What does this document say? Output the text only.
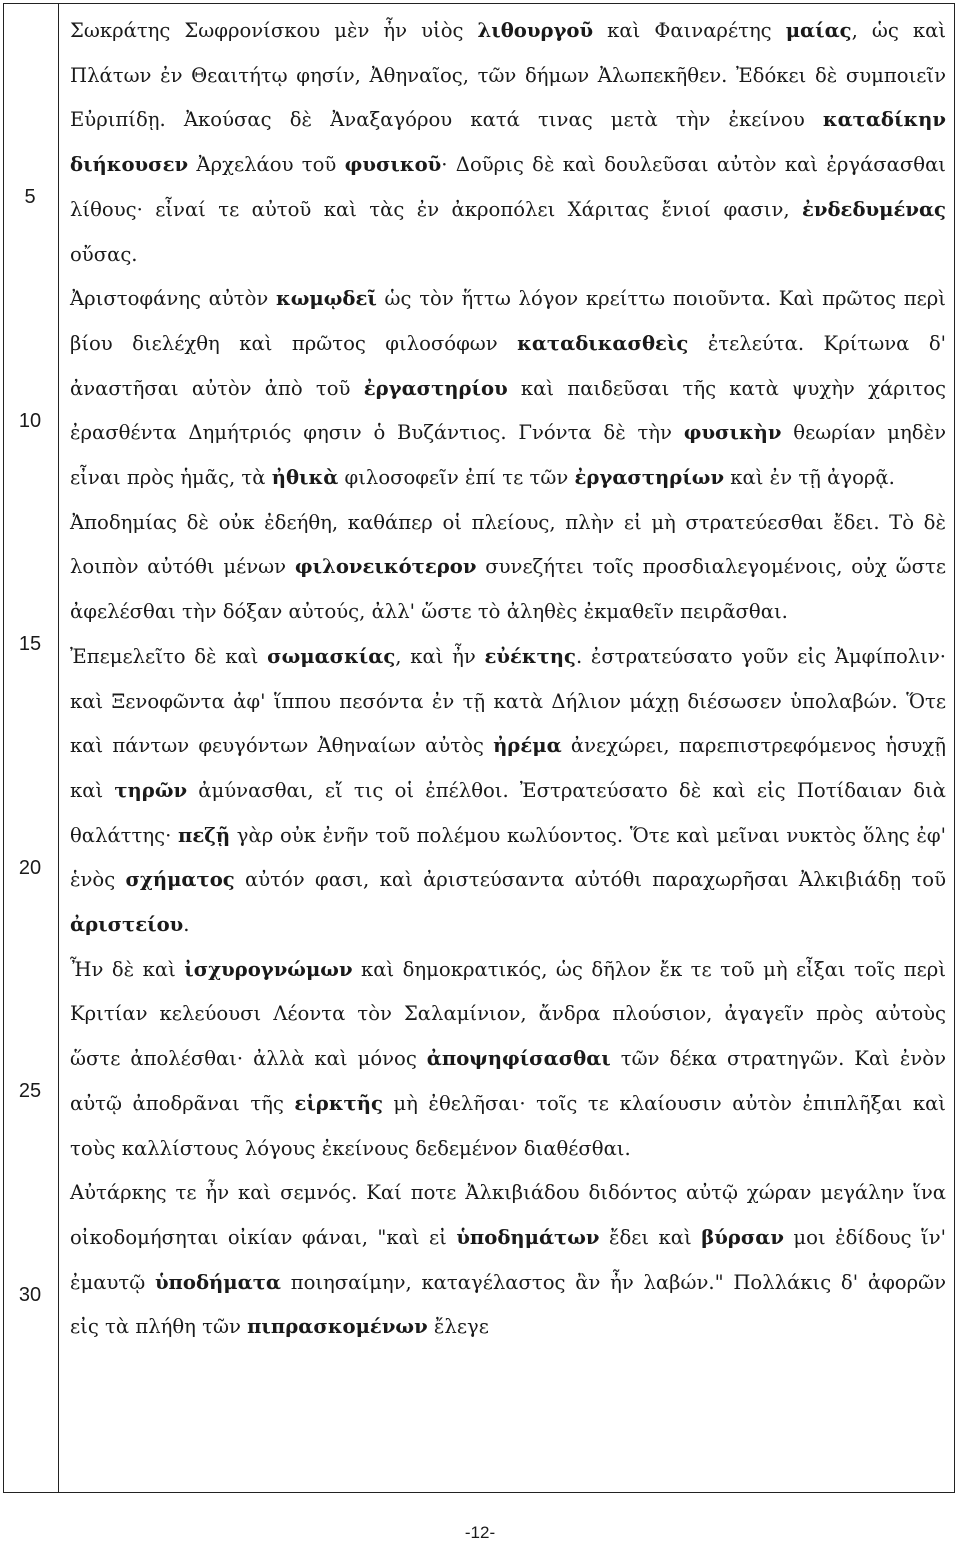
5
10
15
20
25
30

Σωκράτης Σωφρονίσκου μὲν ἦν υἱὸς λιθουργοῦ καὶ Φαιναρέτης μαίας, ὡς καὶ Πλάτων ἐν Θεαιτήτῳ φησίν, Ἀθηναῖος, τῶν δήμων Ἀλωπεκῆθεν. Ἐδόκει δὲ συμποιεῖν Εὐριπίδῃ. Ἀκούσας δὲ Ἀναξαγόρου κατά τινας μετὰ τὴν ἐκείνου καταδίκην διήκουσεν Ἀρχελάου τοῦ φυσικοῦ· Δοῦρις δὲ καὶ δουλεῦσαι αὐτὸν καὶ ἐργάσασθαι λίθους· εἶναί τε αὐτοῦ καὶ τὰς ἐν ἀκροπόλει Χάριτας ἔνιοί φασιν, ἐνδεδυμένας οὔσας.

Ἀριστοφάνης αὐτὸν κωμῳδεῖ ὡς τὸν ἥττω λόγον κρείττω ποιοῦντα. Καὶ πρῶτος περὶ βίου διελέχθη καὶ πρῶτος φιλοσόφων καταδικασθεὶς ἐτελεύτα. Κρίτωνα δ' ἀναστῆσαι αὐτὸν ἀπὸ τοῦ ἐργαστηρίου καὶ παιδεῦσαι τῆς κατὰ ψυχὴν χάριτος ἐρασθέντα Δημήτριός φησιν ὁ Βυζάντιος. Γνόντα δὲ τὴν φυσικὴν θεωρίαν μηδὲν εἶναι πρὸς ἡμᾶς, τὰ ἠθικὰ φιλοσοφεῖν ἐπί τε τῶν ἐργαστηρίων καὶ ἐν τῇ ἀγορᾷ.

Ἀποδημίας δὲ οὐκ ἐδεήθη, καθάπερ οἱ πλείους, πλὴν εἰ μὴ στρατεύεσθαι ἔδει. Τὸ δὲ λοιπὸν αὐτόθι μένων φιλονεικότερον συνεζήτει τοῖς προσδιαλεγομένοις, οὐχ ὥστε ἀφελέσθαι τὴν δόξαν αὐτούς, ἀλλ' ὥστε τὸ ἀληθὲς ἐκμαθεῖν πειρᾶσθαι.

Ἐπεμελεῖτο δὲ καὶ σωμασκίας, καὶ ἦν εὐέκτης. ἐστρατεύσατο γοῦν εἰς Ἀμφίπολιν· καὶ Ξενοφῶντα ἀφ' ἵππου πεσόντα ἐν τῇ κατὰ Δήλιον μάχῃ διέσωσεν ὑπολαβών. Ὅτε καὶ πάντων φευγόντων Ἀθηναίων αὐτὸς ἠρέμα ἀνεχώρει, παρεπιστρεφόμενος ἡσυχῇ καὶ τηρῶν ἀμύνασθαι, εἴ τις οἱ ἐπέλθοι. Ἐστρατεύσατο δὲ καὶ εἰς Ποτίδαιαν διὰ θαλάττης· πεζῇ γὰρ οὐκ ἐνῆν τοῦ πολέμου κωλύοντος. Ὅτε καὶ μεῖναι νυκτὸς ὅλης ἐφ' ἑνὸς σχήματος αὐτόν φασι, καὶ ἀριστεύσαντα αὐτόθι παραχωρῆσαι Ἀλκιβιάδῃ τοῦ ἀριστείου.

Ἦν δὲ καὶ ἰσχυρογνώμων καὶ δημοκρατικός, ὡς δῆλον ἔκ τε τοῦ μὴ εἶξαι τοῖς περὶ Κριτίαν κελεύουσι Λέοντα τὸν Σαλαμίνιον, ἄνδρα πλούσιον, ἀγαγεῖν πρὸς αὐτοὺς ὥστε ἀπολέσθαι· ἀλλὰ καὶ μόνος ἀποψηφίσασθαι τῶν δέκα στρατηγῶν. Καὶ ἐνὸν αὐτῷ ἀποδρᾶναι τῆς εἱρκτῆς μὴ ἐθελῆσαι· τοῖς τε κλαίουσιν αὐτὸν ἐπιπλῆξαι καὶ τοὺς καλλίστους λόγους ἐκείνους δεδεμένον διαθέσθαι.

Αὐτάρκης τε ἦν καὶ σεμνός. Καί ποτε Ἀλκιβιάδου διδόντος αὐτῷ χώραν μεγάλην ἵνα οἰκοδομήσηται οἰκίαν φάναι, "καὶ εἰ ὑποδημάτων ἔδει καὶ βύρσαν μοι ἐδίδους ἵν' ἐμαυτῷ ὑποδήματα ποιησαίμην, καταγέλαστος ἂν ἦν λαβών." Πολλάκις δ' ἀφορῶν εἰς τὰ πλήθη τῶν πιπρασκομένων ἔλεγε

-12-
